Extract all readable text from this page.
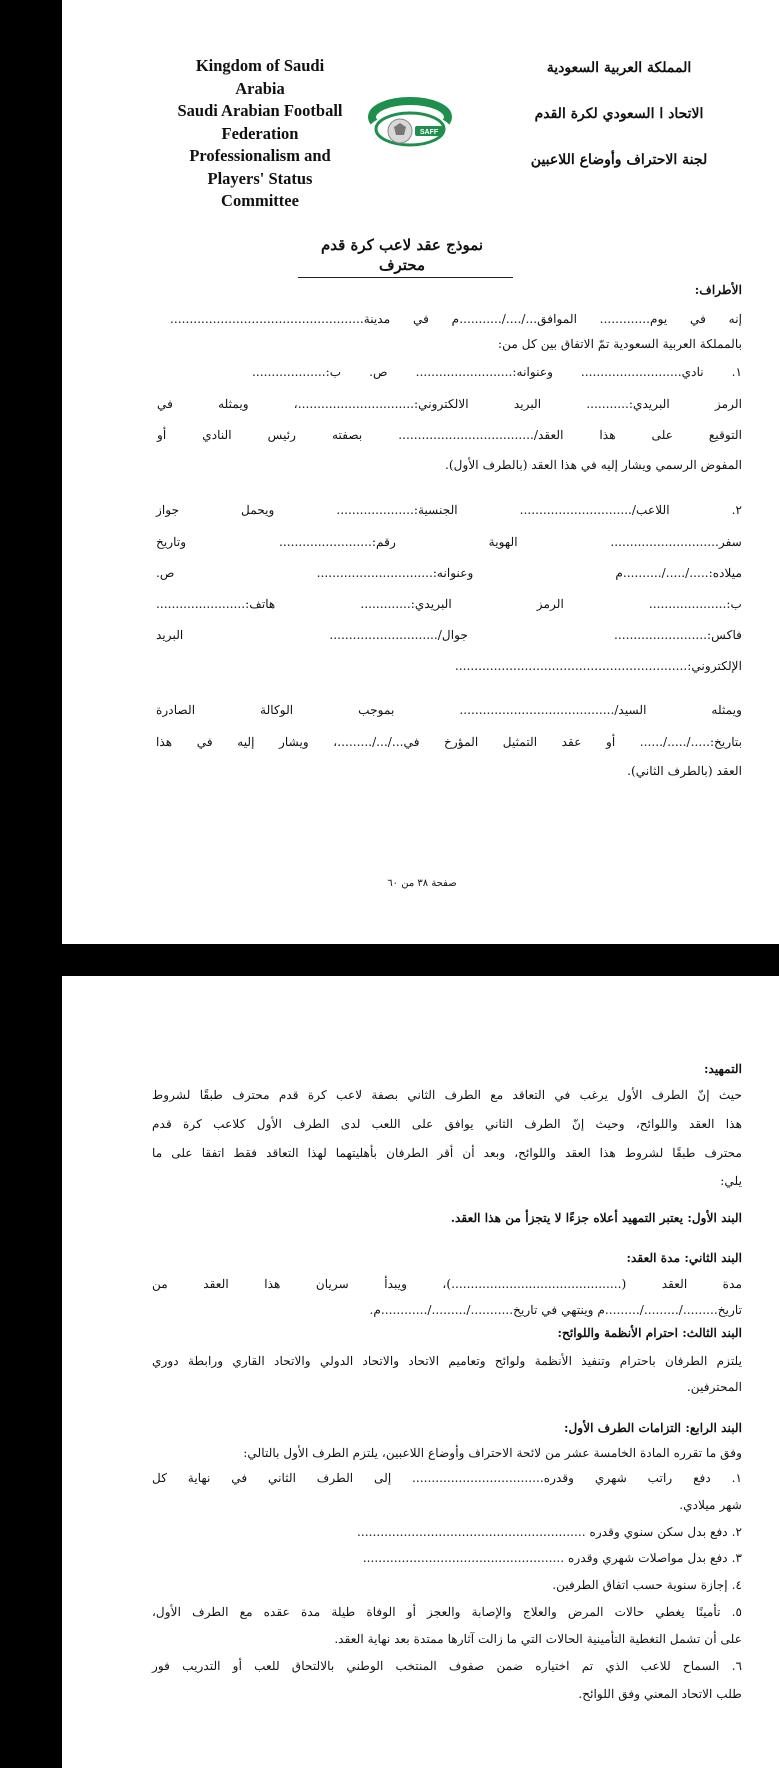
Kingdom of Saudi
Arabia
Saudi Arabian Football
Federation
Professionalism and
Players' Status
Committee
SAFF
المملكة العربية السعودية
الاتحاد ا السعودي لكرة القدم
لجنة الاحتراف وأوضاع اللاعبين
نموذج عقد لاعب كرة قدم
محترف
الأطراف:
إنه في يوم............. الموافق.../..../...........م في مدينة..................................................
بالمملكة العربية السعودية تمّ الاتفاق بين كل من:
١. نادي.......................... وعنوانه:......................... ص. ب:...................
الرمز البريدي:........... البريد الالكتروني:..............................، ويمثله في
التوقيع على هذا العقد/................................... بصفته رئيس النادي أو
المفوض الرسمي ويشار إليه في هذا العقد (بالطرف الأول).
٢. اللاعب/............................. الجنسية:.................... ويحمل جواز
سفر............................ الهوية رقم:........................ وتاريخ
ميلاده:...../...../..........م وعنوانه:.............................. ص.
ب:.................... الرمز البريدي:............. هاتف:.......................
فاكس:........................ جوال/............................ البريد
الإلكتروني:............................................................
ويمثله السيد/........................................ بموجب الوكالة الصادرة
بتاريخ:...../...../...... أو عقد التمثيل المؤرخ في.../.../.........، ويشار إليه في هذا
العقد (بالطرف الثاني).
صفحة ٣٨ من ٦٠
التمهيد:
حيث إنّ الطرف الأول يرغب في التعاقد مع الطرف الثاني بصفة لاعب كرة قدم محترف طبقًا لشروط
هذا العقد واللوائح، وحيث إنّ الطرف الثاني يوافق على اللعب لدى الطرف الأول كلاعب كرة قدم
محترف طبقًا لشروط هذا العقد واللوائح، وبعد أن أقر الطرفان بأهليتهما لهذا التعاقد فقط اتفقا على ما
يلي:
البند الأول: يعتبر التمهيد أعلاه جزءًا لا يتجزأ من هذا العقد.
البند الثاني: مدة العقد:
مدة العقد (............................................)، ويبدأ سريان هذا العقد من
تاريخ........./........./.........م وينتهي في تاريخ.........../........./............م.
البند الثالث: احترام الأنظمة واللوائح:
يلتزم الطرفان باحترام وتنفيذ الأنظمة ولوائح وتعاميم الاتحاد والاتحاد الدولي والاتحاد القاري ورابطة دوري
المحترفين.
البند الرابع: التزامات الطرف الأول:
وفق ما تقرره المادة الخامسة عشر من لائحة الاحتراف وأوضاع اللاعبين، يلتزم الطرف الأول بالتالي:
١. دفع راتب شهري وقدره.................................. إلى الطرف الثاني في نهاية كل
شهر ميلادي.
٢. دفع بدل سكن سنوي وقدره ...........................................................
٣. دفع بدل مواصلات شهري وقدره ....................................................
٤. إجازة سنوية حسب اتفاق الطرفين.
٥. تأمينًا يغطي حالات المرض والعلاج والإصابة والعجز أو الوفاة طيلة مدة عقده مع الطرف الأول،
على أن تشمل التغطية التأمينية الحالات التي ما زالت آثارها ممتدة بعد نهاية العقد.
٦. السماح للاعب الذي تم اختياره ضمن صفوف المنتخب الوطني بالالتحاق للعب أو التدريب فور
طلب الاتحاد المعني وفق اللوائح.
